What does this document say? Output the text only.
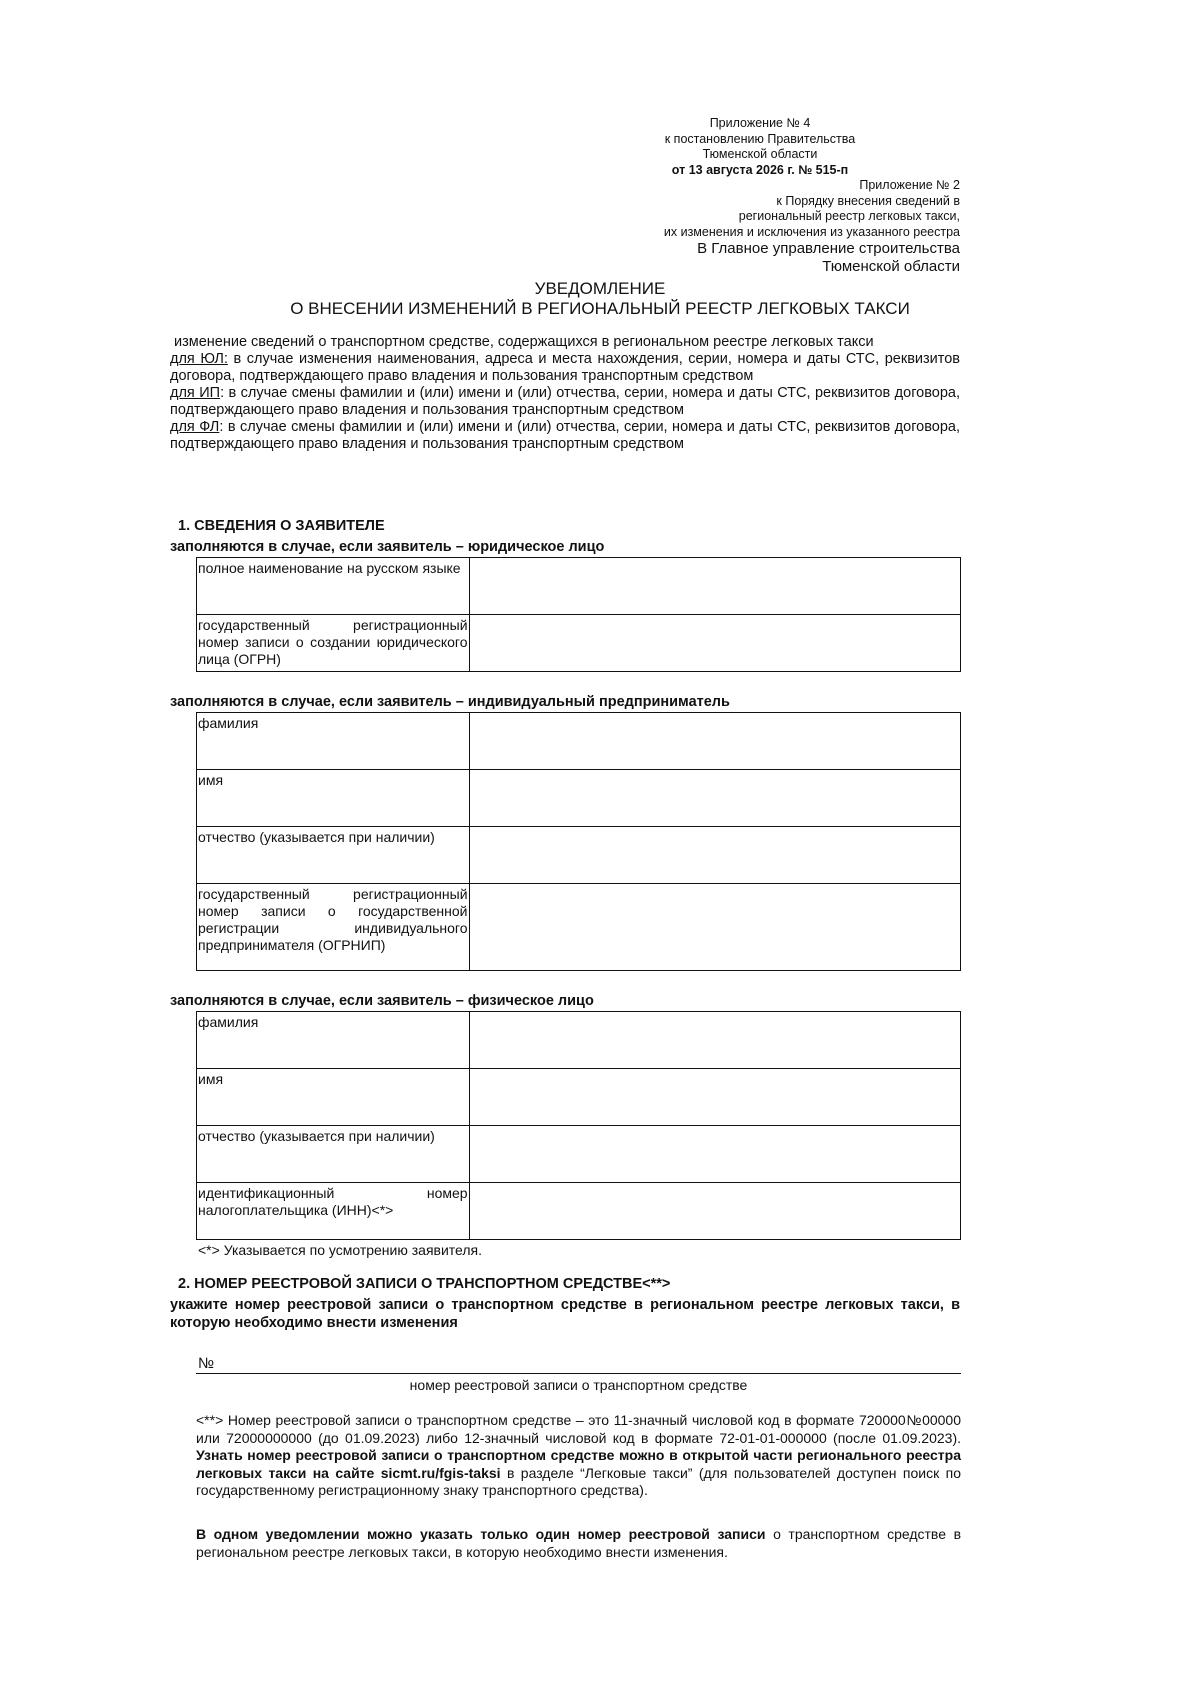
Приложение № 4
к постановлению Правительства
Тюменской области
от 13 августа 2026 г. № 515-п
Приложение № 2
к Порядку внесения сведений в
региональный реестр легковых такси,
их изменения и исключения из указанного реестра
В Главное управление строительства
Тюменской области
УВЕДОМЛЕНИЕ
О ВНЕСЕНИИ ИЗМЕНЕНИЙ В РЕГИОНАЛЬНЫЙ РЕЕСТР ЛЕГКОВЫХ ТАКСИ
изменение сведений о транспортном средстве, содержащихся в региональном реестре легковых такси
для ЮЛ: в случае изменения наименования, адреса и места нахождения, серии, номера и даты СТС, реквизитов договора, подтверждающего право владения и пользования транспортным средством
для ИП: в случае смены фамилии и (или) имени и (или) отчества, серии, номера и даты СТС, реквизитов договора, подтверждающего право владения и пользования транспортным средством
для ФЛ: в случае смены фамилии и (или) имени и (или) отчества, серии, номера и даты СТС, реквизитов договора, подтверждающего право владения и пользования транспортным средством
1. СВЕДЕНИЯ О ЗАЯВИТЕЛЕ
заполняются в случае, если заявитель – юридическое лицо
полное наименование на русском языке	
государственный регистрационный номер записи о создании юридического лица (ОГРН)	
заполняются в случае, если заявитель – индивидуальный предприниматель
фамилия	
имя	
отчество (указывается при наличии)	
государственный регистрационный номер записи о государственной регистрации индивидуального предпринимателя (ОГРНИП)	
заполняются в случае, если заявитель – физическое лицо
фамилия	
имя	
отчество (указывается при наличии)	
идентификационный номер налогоплательщика (ИНН)<*>	
<*> Указывается по усмотрению заявителя.
2. НОМЕР РЕЕСТРОВОЙ ЗАПИСИ О ТРАНСПОРТНОМ СРЕДСТВЕ<**>
укажите номер реестровой записи о транспортном средстве в региональном реестре легковых такси, в которую необходимо внести изменения
№
номер реестровой записи о транспортном средстве
<**> Номер реестровой записи о транспортном средстве – это 11-значный числовой код в формате 720000№00000 или 72000000000 (до 01.09.2023) либо 12-значный числовой код в формате 72-01-01-000000 (после 01.09.2023). Узнать номер реестровой записи о транспортном средстве можно в открытой части регионального реестра легковых такси на сайте sicmt.ru/fgis-taksi в разделе “Легковые такси” (для пользователей доступен поиск по государственному регистрационному знаку транспортного средства).
В одном уведомлении можно указать только один номер реестровой записи о транспортном средстве в региональном реестре легковых такси, в которую необходимо внести изменения.
